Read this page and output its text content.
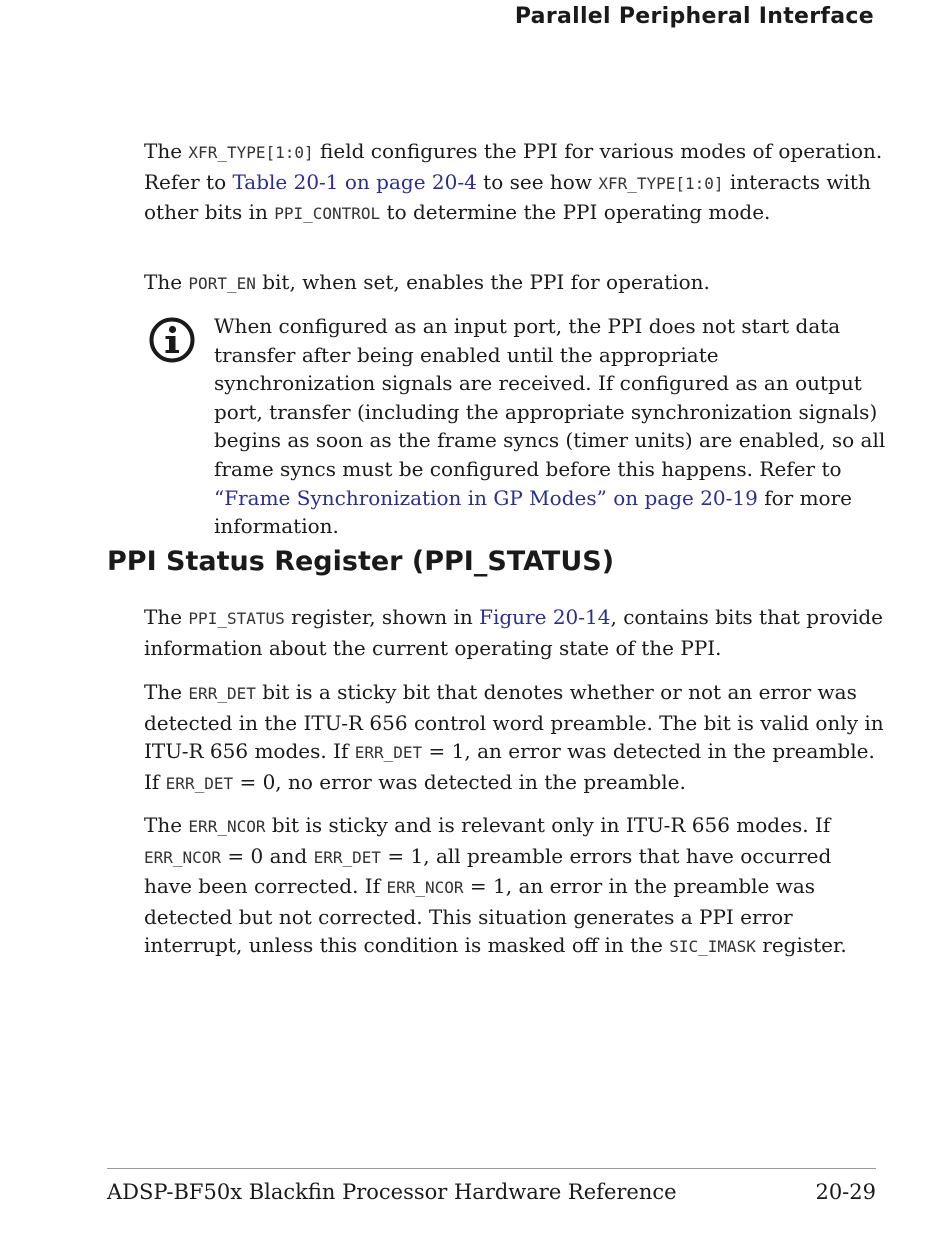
Parallel Peripheral Interface

The XFR_TYPE[1:0] field configures the PPI for various modes of operation. Refer to Table 20-1 on page 20-4 to see how XFR_TYPE[1:0] interacts with other bits in PPI_CONTROL to determine the PPI operating mode.

The PORT_EN bit, when set, enables the PPI for operation.

When configured as an input port, the PPI does not start data transfer after being enabled until the appropriate synchronization signals are received. If configured as an output port, transfer (including the appropriate synchronization signals) begins as soon as the frame syncs (timer units) are enabled, so all frame syncs must be configured before this happens. Refer to “Frame Synchronization in GP Modes” on page 20-19 for more information.

PPI Status Register (PPI_STATUS)

The PPI_STATUS register, shown in Figure 20-14, contains bits that provide information about the current operating state of the PPI.

The ERR_DET bit is a sticky bit that denotes whether or not an error was detected in the ITU-R 656 control word preamble. The bit is valid only in ITU-R 656 modes. If ERR_DET = 1, an error was detected in the preamble. If ERR_DET = 0, no error was detected in the preamble.

The ERR_NCOR bit is sticky and is relevant only in ITU-R 656 modes. If ERR_NCOR = 0 and ERR_DET = 1, all preamble errors that have occurred have been corrected. If ERR_NCOR = 1, an error in the preamble was detected but not corrected. This situation generates a PPI error interrupt, unless this condition is masked off in the SIC_IMASK register.

ADSP-BF50x Blackfin Processor Hardware Reference	20-29
